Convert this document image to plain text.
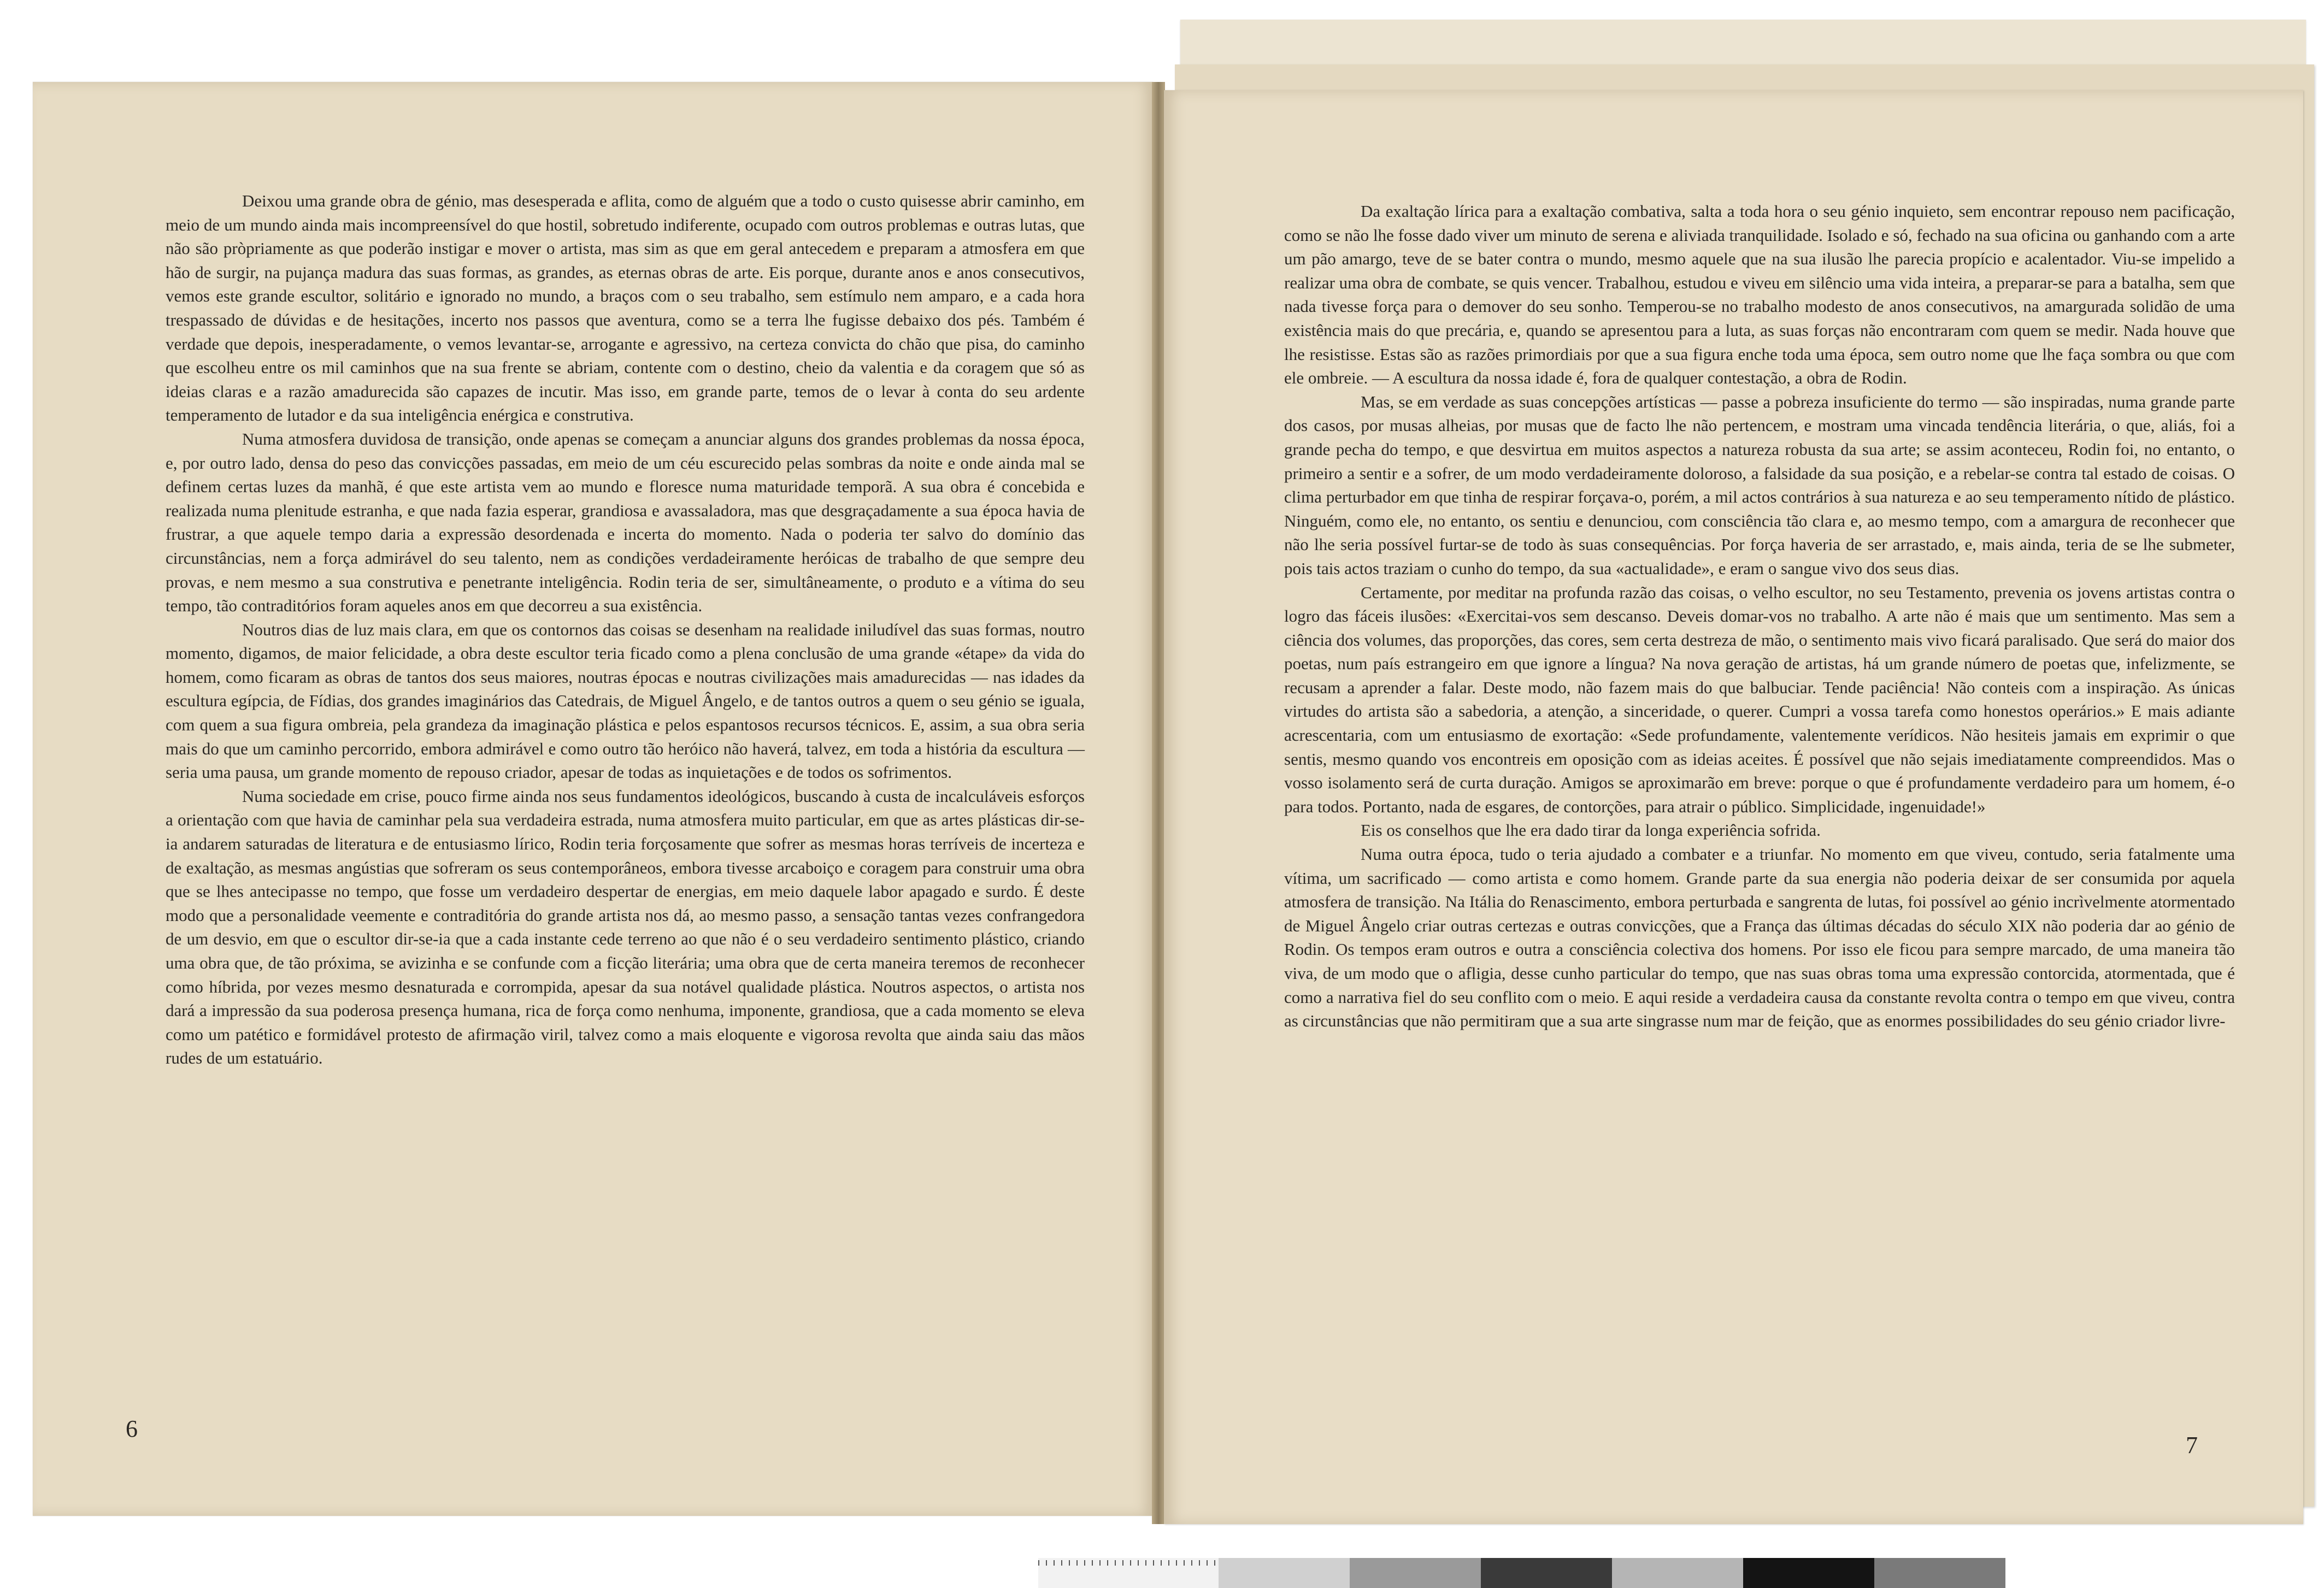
Deixou uma grande obra de génio, mas desesperada e aflita, como de alguém que a todo o custo quisesse abrir caminho, em meio de um mundo ainda mais incompreensível do que hostil, sobretudo indiferente, ocupado com outros problemas e outras lutas, que não são pròpriamente as que poderão instigar e mover o artista, mas sim as que em geral antecedem e preparam a atmosfera em que hão de surgir, na pujança madura das suas formas, as grandes, as eternas obras de arte. Eis porque, durante anos e anos consecutivos, vemos este grande escultor, solitário e ignorado no mundo, a braços com o seu trabalho, sem estímulo nem amparo, e a cada hora trespassado de dúvidas e de hesitações, incerto nos passos que aventura, como se a terra lhe fugisse debaixo dos pés. Também é verdade que depois, inesperadamente, o vemos levantar-se, arrogante e agressivo, na certeza convicta do chão que pisa, do caminho que escolheu entre os mil caminhos que na sua frente se abriam, contente com o destino, cheio da valentia e da coragem que só as ideias claras e a razão amadurecida são capazes de incutir. Mas isso, em grande parte, temos de o levar à conta do seu ardente temperamento de lutador e da sua inteligência enérgica e construtiva.

Numa atmosfera duvidosa de transição, onde apenas se começam a anunciar alguns dos grandes problemas da nossa época, e, por outro lado, densa do peso das convicções passadas, em meio de um céu escurecido pelas sombras da noite e onde ainda mal se definem certas luzes da manhã, é que este artista vem ao mundo e floresce numa maturidade temporã. A sua obra é concebida e realizada numa plenitude estranha, e que nada fazia esperar, grandiosa e avassaladora, mas que desgraçadamente a sua época havia de frustrar, a que aquele tempo daria a expressão desordenada e incerta do momento. Nada o poderia ter salvo do domínio das circunstâncias, nem a força admirável do seu talento, nem as condições verdadeiramente heróicas de trabalho de que sempre deu provas, e nem mesmo a sua construtiva e penetrante inteligência. Rodin teria de ser, simultâneamente, o produto e a vítima do seu tempo, tão contraditórios foram aqueles anos em que decorreu a sua existência.

Noutros dias de luz mais clara, em que os contornos das coisas se desenham na realidade iniludível das suas formas, noutro momento, digamos, de maior felicidade, a obra deste escultor teria ficado como a plena conclusão de uma grande «étape» da vida do homem, como ficaram as obras de tantos dos seus maiores, noutras épocas e noutras civilizações mais amadurecidas — nas idades da escultura egípcia, de Fídias, dos grandes imaginários das Catedrais, de Miguel Ângelo, e de tantos outros a quem o seu génio se iguala, com quem a sua figura ombreia, pela grandeza da imaginação plástica e pelos espantosos recursos técnicos. E, assim, a sua obra seria mais do que um caminho percorrido, embora admirável e como outro tão heróico não haverá, talvez, em toda a história da escultura — seria uma pausa, um grande momento de repouso criador, apesar de todas as inquietações e de todos os sofrimentos.

Numa sociedade em crise, pouco firme ainda nos seus fundamentos ideológicos, buscando à custa de incalculáveis esforços a orientação com que havia de caminhar pela sua verdadeira estrada, numa atmosfera muito particular, em que as artes plásticas dir-se-ia andarem saturadas de literatura e de entusiasmo lírico, Rodin teria forçosamente que sofrer as mesmas horas terríveis de incerteza e de exaltação, as mesmas angústias que sofreram os seus contemporâneos, embora tivesse arcaboiço e coragem para construir uma obra que se lhes antecipasse no tempo, que fosse um verdadeiro despertar de energias, em meio daquele labor apagado e surdo. É deste modo que a personalidade veemente e contraditória do grande artista nos dá, ao mesmo passo, a sensação tantas vezes confrangedora de um desvio, em que o escultor dir-se-ia que a cada instante cede terreno ao que não é o seu verdadeiro sentimento plástico, criando uma obra que, de tão próxima, se avizinha e se confunde com a ficção literária; uma obra que de certa maneira teremos de reconhecer como híbrida, por vezes mesmo desnaturada e corrompida, apesar da sua notável qualidade plástica. Noutros aspectos, o artista nos dará a impressão da sua poderosa presença humana, rica de força como nenhuma, imponente, grandiosa, que a cada momento se eleva como um patético e formidável protesto de afirmação viril, talvez como a mais eloquente e vigorosa revolta que ainda saiu das mãos rudes de um estatuário.

6

Da exaltação lírica para a exaltação combativa, salta a toda hora o seu génio inquieto, sem encontrar repouso nem pacificação, como se não lhe fosse dado viver um minuto de serena e aliviada tranquilidade. Isolado e só, fechado na sua oficina ou ganhando com a arte um pão amargo, teve de se bater contra o mundo, mesmo aquele que na sua ilusão lhe parecia propício e acalentador. Viu-se impelido a realizar uma obra de combate, se quis vencer. Trabalhou, estudou e viveu em silêncio uma vida inteira, a preparar-se para a batalha, sem que nada tivesse força para o demover do seu sonho. Temperou-se no trabalho modesto de anos consecutivos, na amargurada solidão de uma existência mais do que precária, e, quando se apresentou para a luta, as suas forças não encontraram com quem se medir. Nada houve que lhe resistisse. Estas são as razões primordiais por que a sua figura enche toda uma época, sem outro nome que lhe faça sombra ou que com ele ombreie. — A escultura da nossa idade é, fora de qualquer contestação, a obra de Rodin.

Mas, se em verdade as suas concepções artísticas — passe a pobreza insuficiente do termo — são inspiradas, numa grande parte dos casos, por musas alheias, por musas que de facto lhe não pertencem, e mostram uma vincada tendência literária, o que, aliás, foi a grande pecha do tempo, e que desvirtua em muitos aspectos a natureza robusta da sua arte; se assim aconteceu, Rodin foi, no entanto, o primeiro a sentir e a sofrer, de um modo verdadeiramente doloroso, a falsidade da sua posição, e a rebelar-se contra tal estado de coisas. O clima perturbador em que tinha de respirar forçava-o, porém, a mil actos contrários à sua natureza e ao seu temperamento nítido de plástico. Ninguém, como ele, no entanto, os sentiu e denunciou, com consciência tão clara e, ao mesmo tempo, com a amargura de reconhecer que não lhe seria possível furtar-se de todo às suas consequências. Por força haveria de ser arrastado, e, mais ainda, teria de se lhe submeter, pois tais actos traziam o cunho do tempo, da sua «actualidade», e eram o sangue vivo dos seus dias.

Certamente, por meditar na profunda razão das coisas, o velho escultor, no seu Testamento, prevenia os jovens artistas contra o logro das fáceis ilusões: «Exercitai-vos sem descanso. Deveis domar-vos no trabalho. A arte não é mais que um sentimento. Mas sem a ciência dos volumes, das proporções, das cores, sem certa destreza de mão, o sentimento mais vivo ficará paralisado. Que será do maior dos poetas, num país estrangeiro em que ignore a língua? Na nova geração de artistas, há um grande número de poetas que, infelizmente, se recusam a aprender a falar. Deste modo, não fazem mais do que balbuciar. Tende paciência! Não conteis com a inspiração. As únicas virtudes do artista são a sabedoria, a atenção, a sinceridade, o querer. Cumpri a vossa tarefa como honestos operários.» E mais adiante acrescentaria, com um entusiasmo de exortação: «Sede profundamente, valentemente verídicos. Não hesiteis jamais em exprimir o que sentis, mesmo quando vos encontreis em oposição com as ideias aceites. É possível que não sejais imediatamente compreendidos. Mas o vosso isolamento será de curta duração. Amigos se aproximarão em breve: porque o que é profundamente verdadeiro para um homem, é-o para todos. Portanto, nada de esgares, de contorções, para atrair o público. Simplicidade, ingenuidade!»

Eis os conselhos que lhe era dado tirar da longa experiência sofrida.

Numa outra época, tudo o teria ajudado a combater e a triunfar. No momento em que viveu, contudo, seria fatalmente uma vítima, um sacrificado — como artista e como homem. Grande parte da sua energia não poderia deixar de ser consumida por aquela atmosfera de transição. Na Itália do Renascimento, embora perturbada e sangrenta de lutas, foi possível ao génio incrìvelmente atormentado de Miguel Ângelo criar outras certezas e outras convicções, que a França das últimas décadas do século XIX não poderia dar ao génio de Rodin. Os tempos eram outros e outra a consciência colectiva dos homens. Por isso ele ficou para sempre marcado, de uma maneira tão viva, de um modo que o afligia, desse cunho particular do tempo, que nas suas obras toma uma expressão contorcida, atormentada, que é como a narrativa fiel do seu conflito com o meio. E aqui reside a verdadeira causa da constante revolta contra o tempo em que viveu, contra as circunstâncias que não permitiram que a sua arte singrasse num mar de feição, que as enormes possibilidades do seu génio criador livre-

7
